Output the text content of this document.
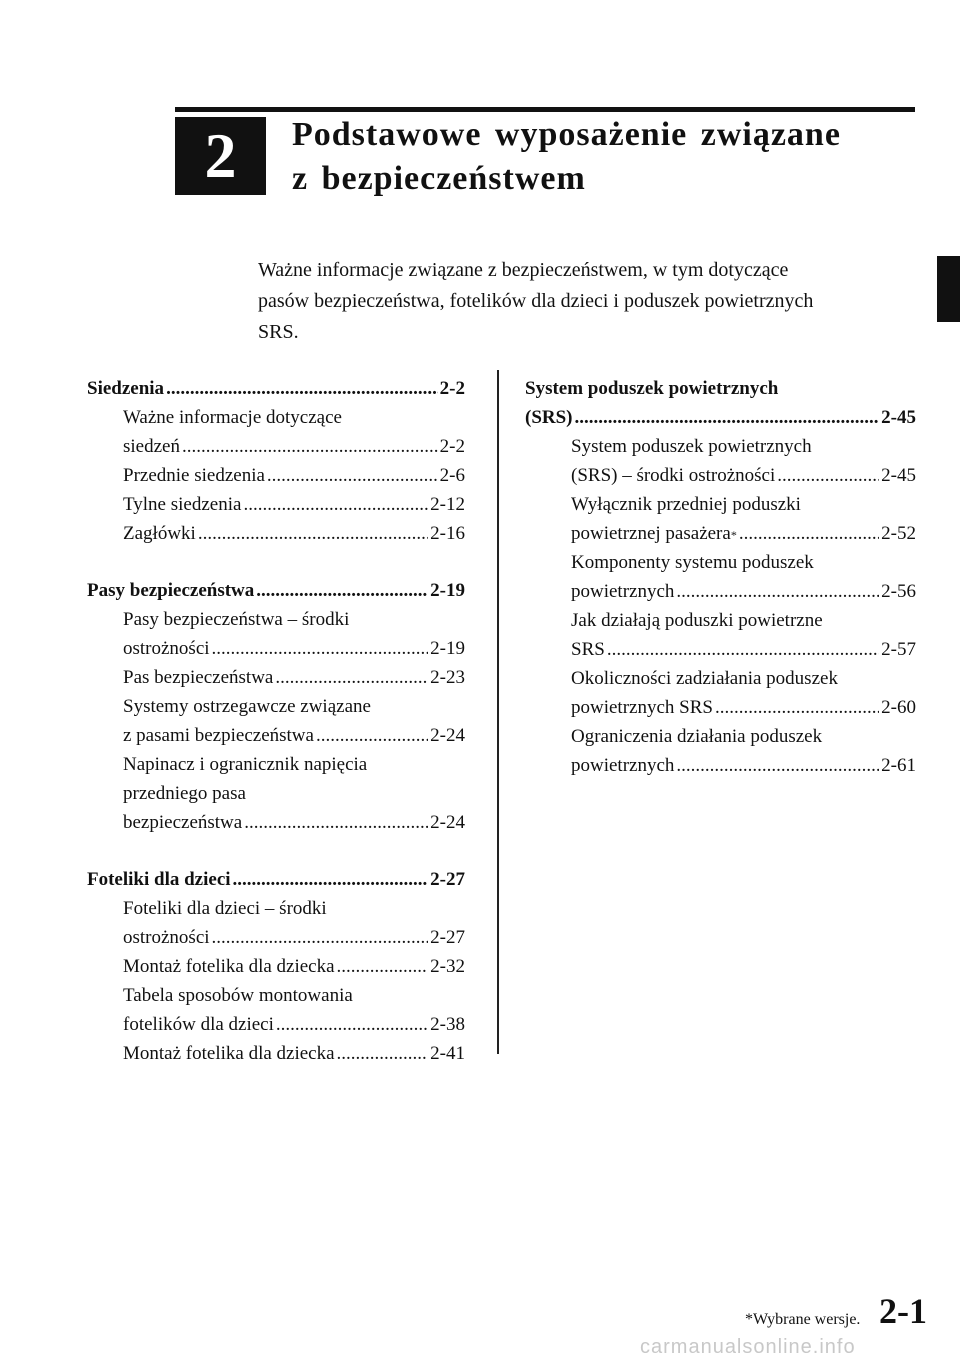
2	Podstawowe wyposażenie związane
z bezpieczeństwem
Ważne informacje związane z bezpieczeństwem, w tym dotyczące
pasów bezpieczeństwa, fotelików dla dzieci i poduszek powietrznych
SRS.
Siedzenia .....	2-2
Ważne informacje dotyczące
siedzeń .....	2-2
Przednie siedzenia .....	2-6
Tylne siedzenia .....	2-12
Zagłówki .....	2-16
Pasy bezpieczeństwa .....	2-19
Pasy bezpieczeństwa – środki
ostrożności .....	2-19
Pas bezpieczeństwa .....	2-23
Systemy ostrzegawcze związane
z pasami bezpieczeństwa .....	2-24
Napinacz i ogranicznik napięcia
przedniego pasa
bezpieczeństwa .....	2-24
Foteliki dla dzieci .....	2-27
Foteliki dla dzieci – środki
ostrożności .....	2-27
Montaż fotelika dla dziecka .....	2-32
Tabela sposobów montowania
fotelików dla dzieci .....	2-38
Montaż fotelika dla dziecka .....	2-41
System poduszek powietrznych
(SRS) .....	2-45
System poduszek powietrznych
(SRS) – środki ostrożności .....	2-45
Wyłącznik przedniej poduszki
powietrznej pasażera * .....	2-52
Komponenty systemu poduszek
powietrznych .....	2-56
Jak działają poduszki powietrzne
SRS .....	2-57
Okoliczności zadziałania poduszek
powietrznych SRS .....	2-60
Ograniczenia działania poduszek
powietrznych .....	2-61
*Wybrane wersje. 2-1
carmanualsonline.info
